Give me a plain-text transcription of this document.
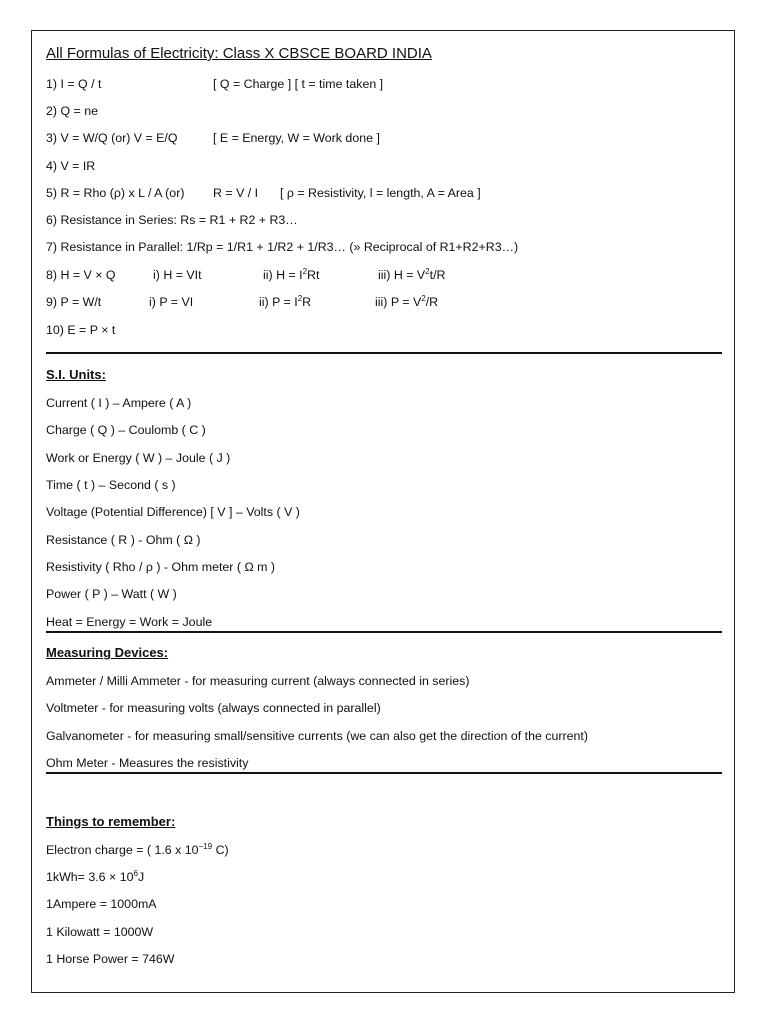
All Formulas of Electricity: Class X CBSCE BOARD INDIA
1) I = Q / t	[ Q = Charge ] [ t = time taken ]
2) Q = ne
3) V = W/Q (or) V = E/Q	[ E = Energy, W = Work done ]
4) V = IR
5) R = Rho (ρ) x L / A (or) R = V / I [ ρ = Resistivity, l = length, A = Area ]
6) Resistance in Series: Rs = R1 + R2 + R3…
7) Resistance in Parallel: 1/Rp = 1/R1 + 1/R2 + 1/R3… (» Reciprocal of R1+R2+R3…)
8) H = V × Q	i) H = VIt	ii) $H = I^2Rt$	iii) $H = V^2t/R$
9) P = W/t	i) P = VI	ii) $P = I^2R$	iii) $P = V^2/R$
10) E = P × t
S.I. Units:
Current ( I ) – Ampere ( A )
Charge ( Q ) – Coulomb ( C )
Work or Energy ( W ) – Joule ( J )
Time ( t ) – Second ( s )
Voltage (Potential Difference) [ V ] – Volts ( V )
Resistance ( R ) - Ohm ( Ω )
Resistivity ( Rho / ρ ) - Ohm meter ( Ω m )
Power ( P ) – Watt ( W )
Heat = Energy = Work = Joule
Measuring Devices:
Ammeter / Milli Ammeter - for measuring current (always connected in series)
Voltmeter - for measuring volts (always connected in parallel)
Galvanometer - for measuring small/sensitive currents (we can also get the direction of the current)
Ohm Meter - Measures the resistivity
Things to remember:
Electron charge = ( 1.6 x $10^{-19}$ C)
$1kWh= 3.6 \times 10^6J$
1Ampere = 1000mA
1 Kilowatt = 1000W
1 Horse Power = 746W
